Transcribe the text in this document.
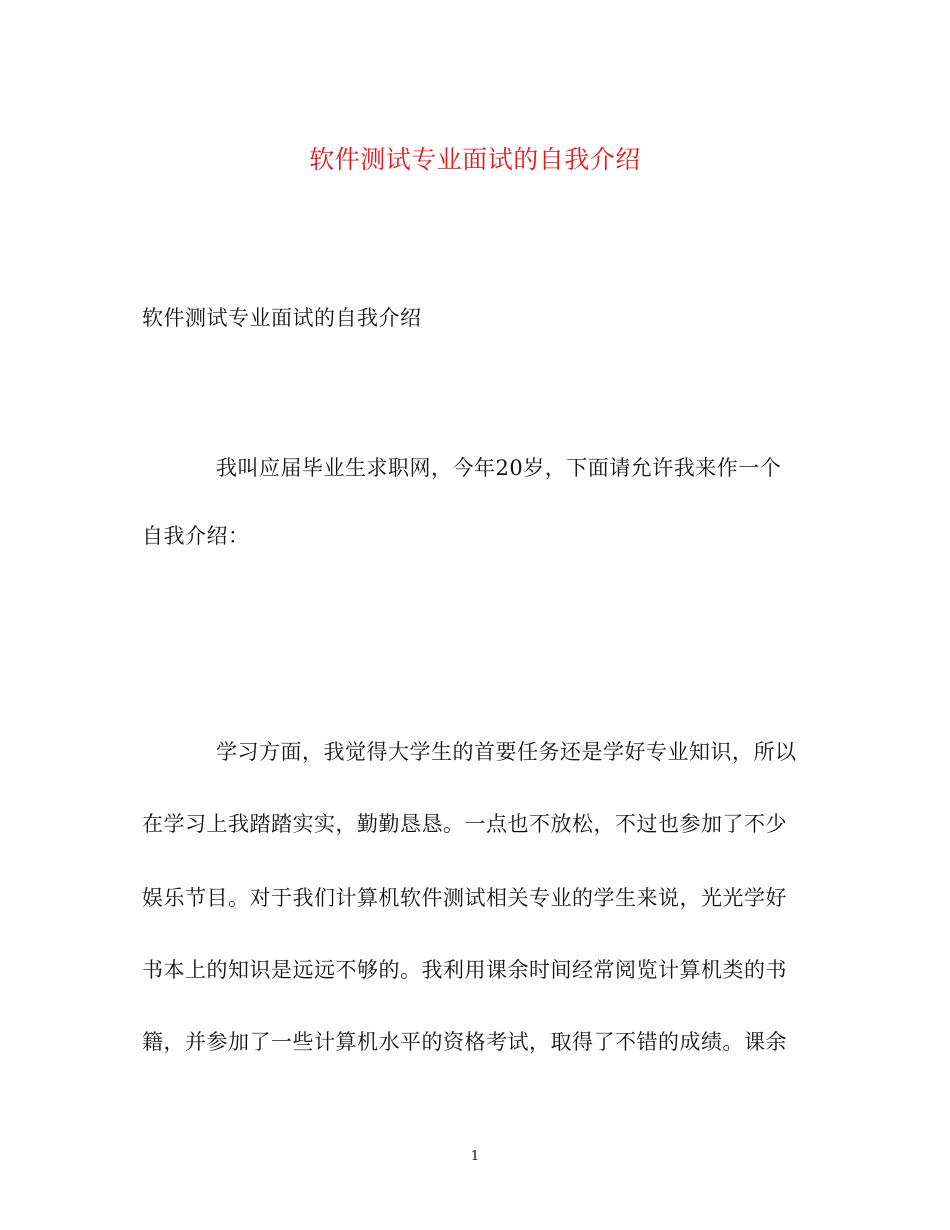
软件测试专业面试的自我介绍
软件测试专业面试的自我介绍
我叫应届毕业生求职网，今年20岁，下面请允许我来作一个
自我介绍：
学习方面，我觉得大学生的首要任务还是学好专业知识，所以
在学习上我踏踏实实，勤勤恳恳。一点也不放松，不过也参加了不少
娱乐节目。对于我们计算机软件测试相关专业的学生来说，光光学好
书本上的知识是远远不够的。我利用课余时间经常阅览计算机类的书
籍，并参加了一些计算机水平的资格考试，取得了不错的成绩。课余
1
